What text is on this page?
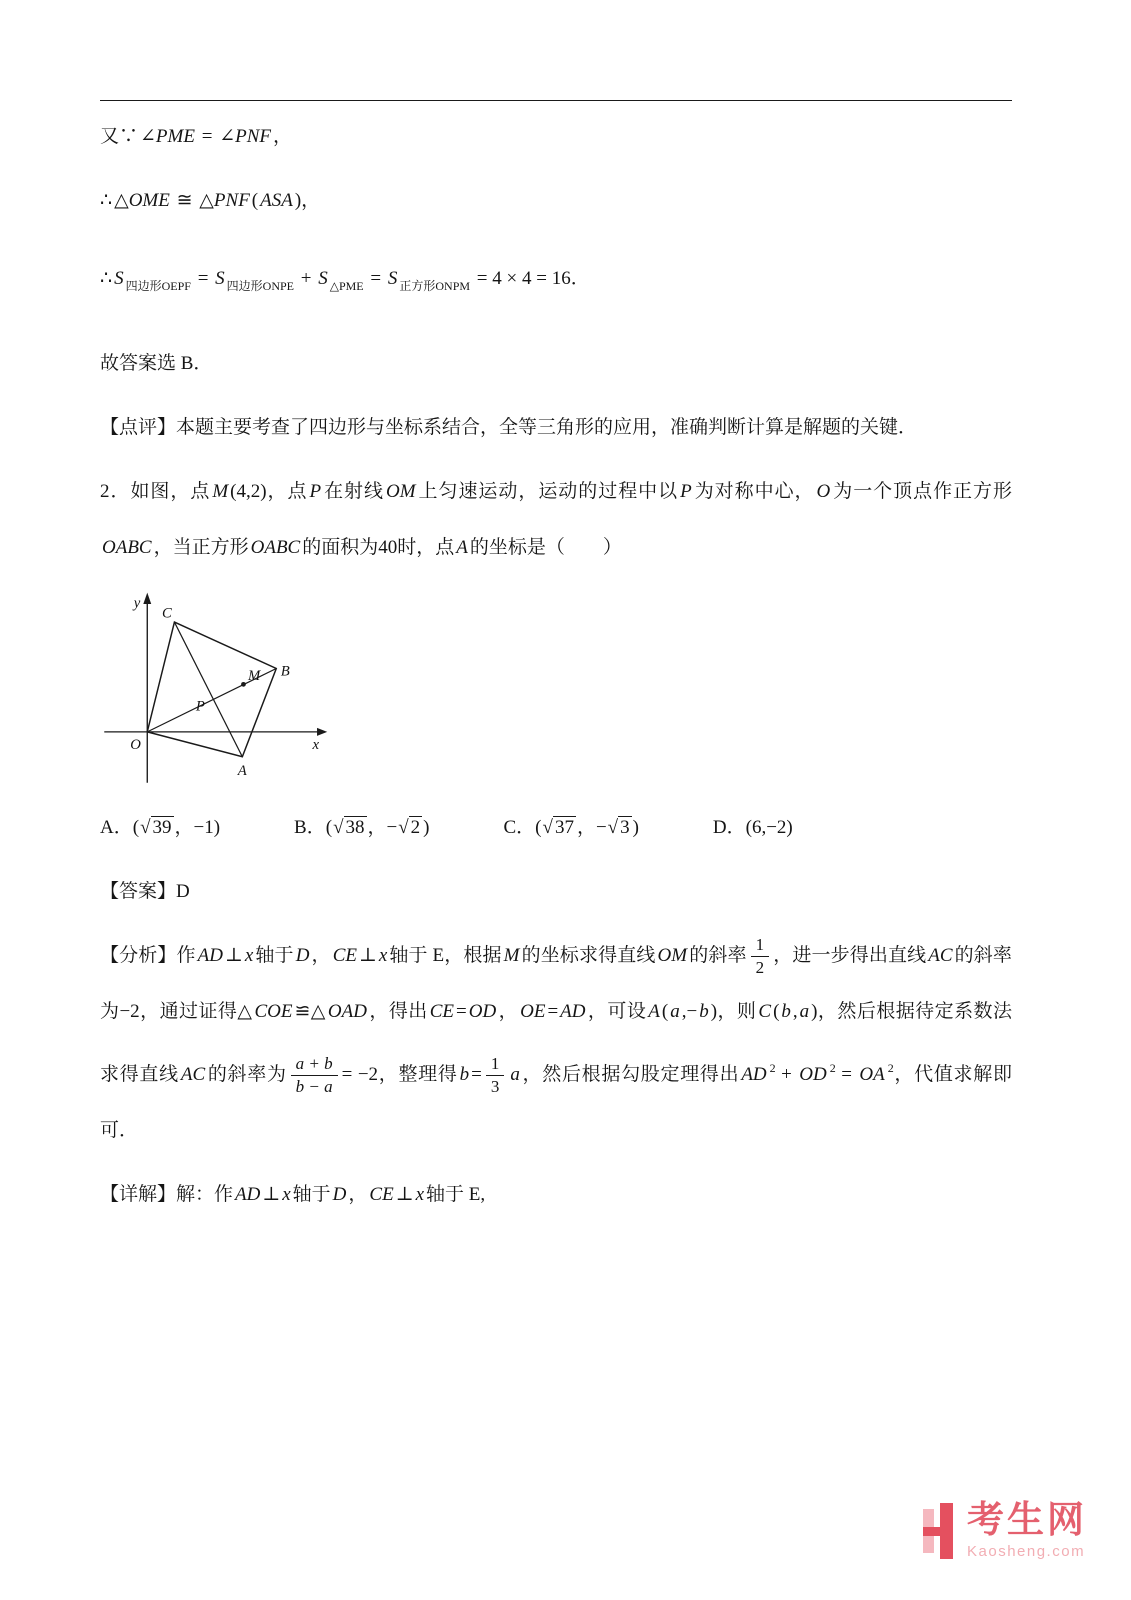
又∵ ∠PME = ∠PNF ，

∴ △OME ≅ △PNF ( ASA )，

∴ S $_{四边形OEPF}$ = S $_{四边形ONPE}$ + S $_{\triangle PME}$ = S $_{正方形ONPM}$ = 4 × 4 = 16．

故答案选 B．

【点评】本题主要考查了四边形与坐标系结合，全等三角形的应用，准确判断计算是解题的关键．

2．如图，点 M (4,2)，点 P 在射线 OM 上匀速运动，运动的过程中以 P 为对称中心， O 为一个顶点作正方形OABC ，当正方形 OABC 的面积为40时，点 A 的坐标是（　　）

y
x
O
C
B
M
P
A

A．(√ 39 ，−1)	B．(√ 38 ，−√ 2 )	C．(√ 37 ，−√ 3 )	D．(6,−2)

【答案】D

【分析】作 AD ⊥ x 轴于 D ， CE ⊥ x 轴于 E，根据 M 的坐标求得直线 OM 的斜率 $\frac{1}{2}$ ，进一步得出直线 AC 的斜率为−2，通过证得△ COE ≌△ OAD ，得出 CE = OD ， OE = AD ，可设 A ( a ,− b )，则 C ( b , a )，然后根据待定系数法求得直线 AC 的斜率为 $\frac{a + b}{b - a} = -2$，整理得 $b = \frac{1}{3}$ a ，然后根据勾股定理得出 AD $^2$ + OD $^2$ = OA $^2$，代值求解即可．

【详解】解：作 AD ⊥ x 轴于 D ， CE ⊥ x 轴于 E,

考生网
Kaosheng.com
